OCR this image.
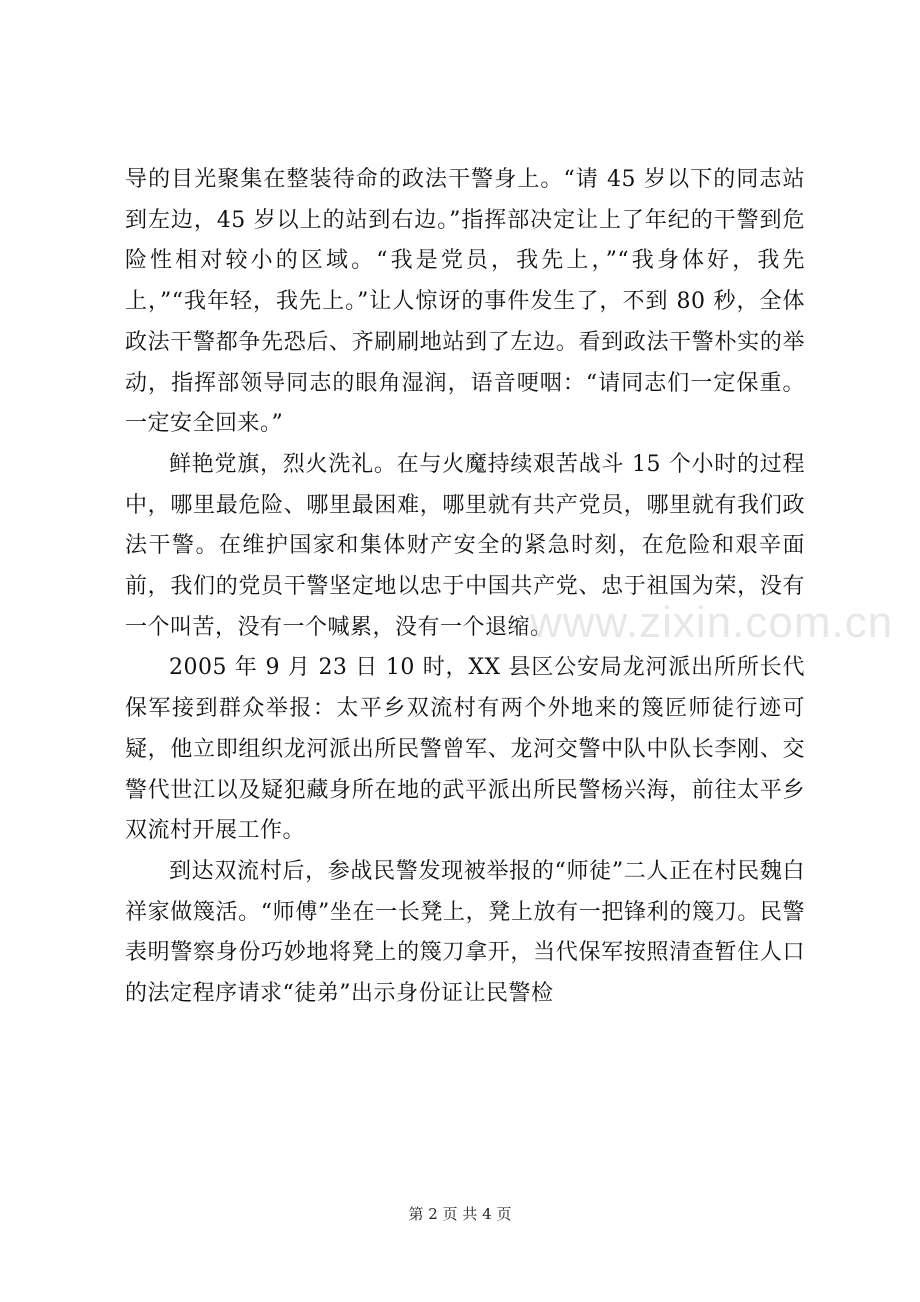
导的目光聚集在整装待命的政法干警身上。“请 45 岁以下的同志站到左边，45 岁以上的站到右边。”指挥部决定让上了年纪的干警到危险性相对较小的区域。“我是党员，我先上，”“我身体好，我先上，”“我年轻，我先上。”让人惊讶的事件发生了，不到 80 秒，全体政法干警都争先恐后、齐刷刷地站到了左边。看到政法干警朴实的举动，指挥部领导同志的眼角湿润，语音哽咽：“请同志们一定保重。一定安全回来。”

鲜艳党旗，烈火洗礼。在与火魔持续艰苦战斗 15 个小时的过程中，哪里最危险、哪里最困难，哪里就有共产党员，哪里就有我们政法干警。在维护国家和集体财产安全的紧急时刻，在危险和艰辛面前，我们的党员干警坚定地以忠于中国共产党、忠于祖国为荣，没有一个叫苦，没有一个喊累，没有一个退缩。

2005 年 9 月 23 日 10 时，XX 县区公安局龙河派出所所长代保军接到群众举报：太平乡双流村有两个外地来的篾匠师徒行迹可疑，他立即组织龙河派出所民警曾军、龙河交警中队中队长李刚、交警代世江以及疑犯藏身所在地的武平派出所民警杨兴海，前往太平乡双流村开展工作。

到达双流村后，参战民警发现被举报的“师徒”二人正在村民魏白祥家做篾活。“师傅”坐在一长凳上，凳上放有一把锋利的篾刀。民警表明警察身份巧妙地将凳上的篾刀拿开，当代保军按照清查暂住人口的法定程序请求“徒弟”出示身份证让民警检

www.zixin.com.cn
第 2 页 共 4 页
